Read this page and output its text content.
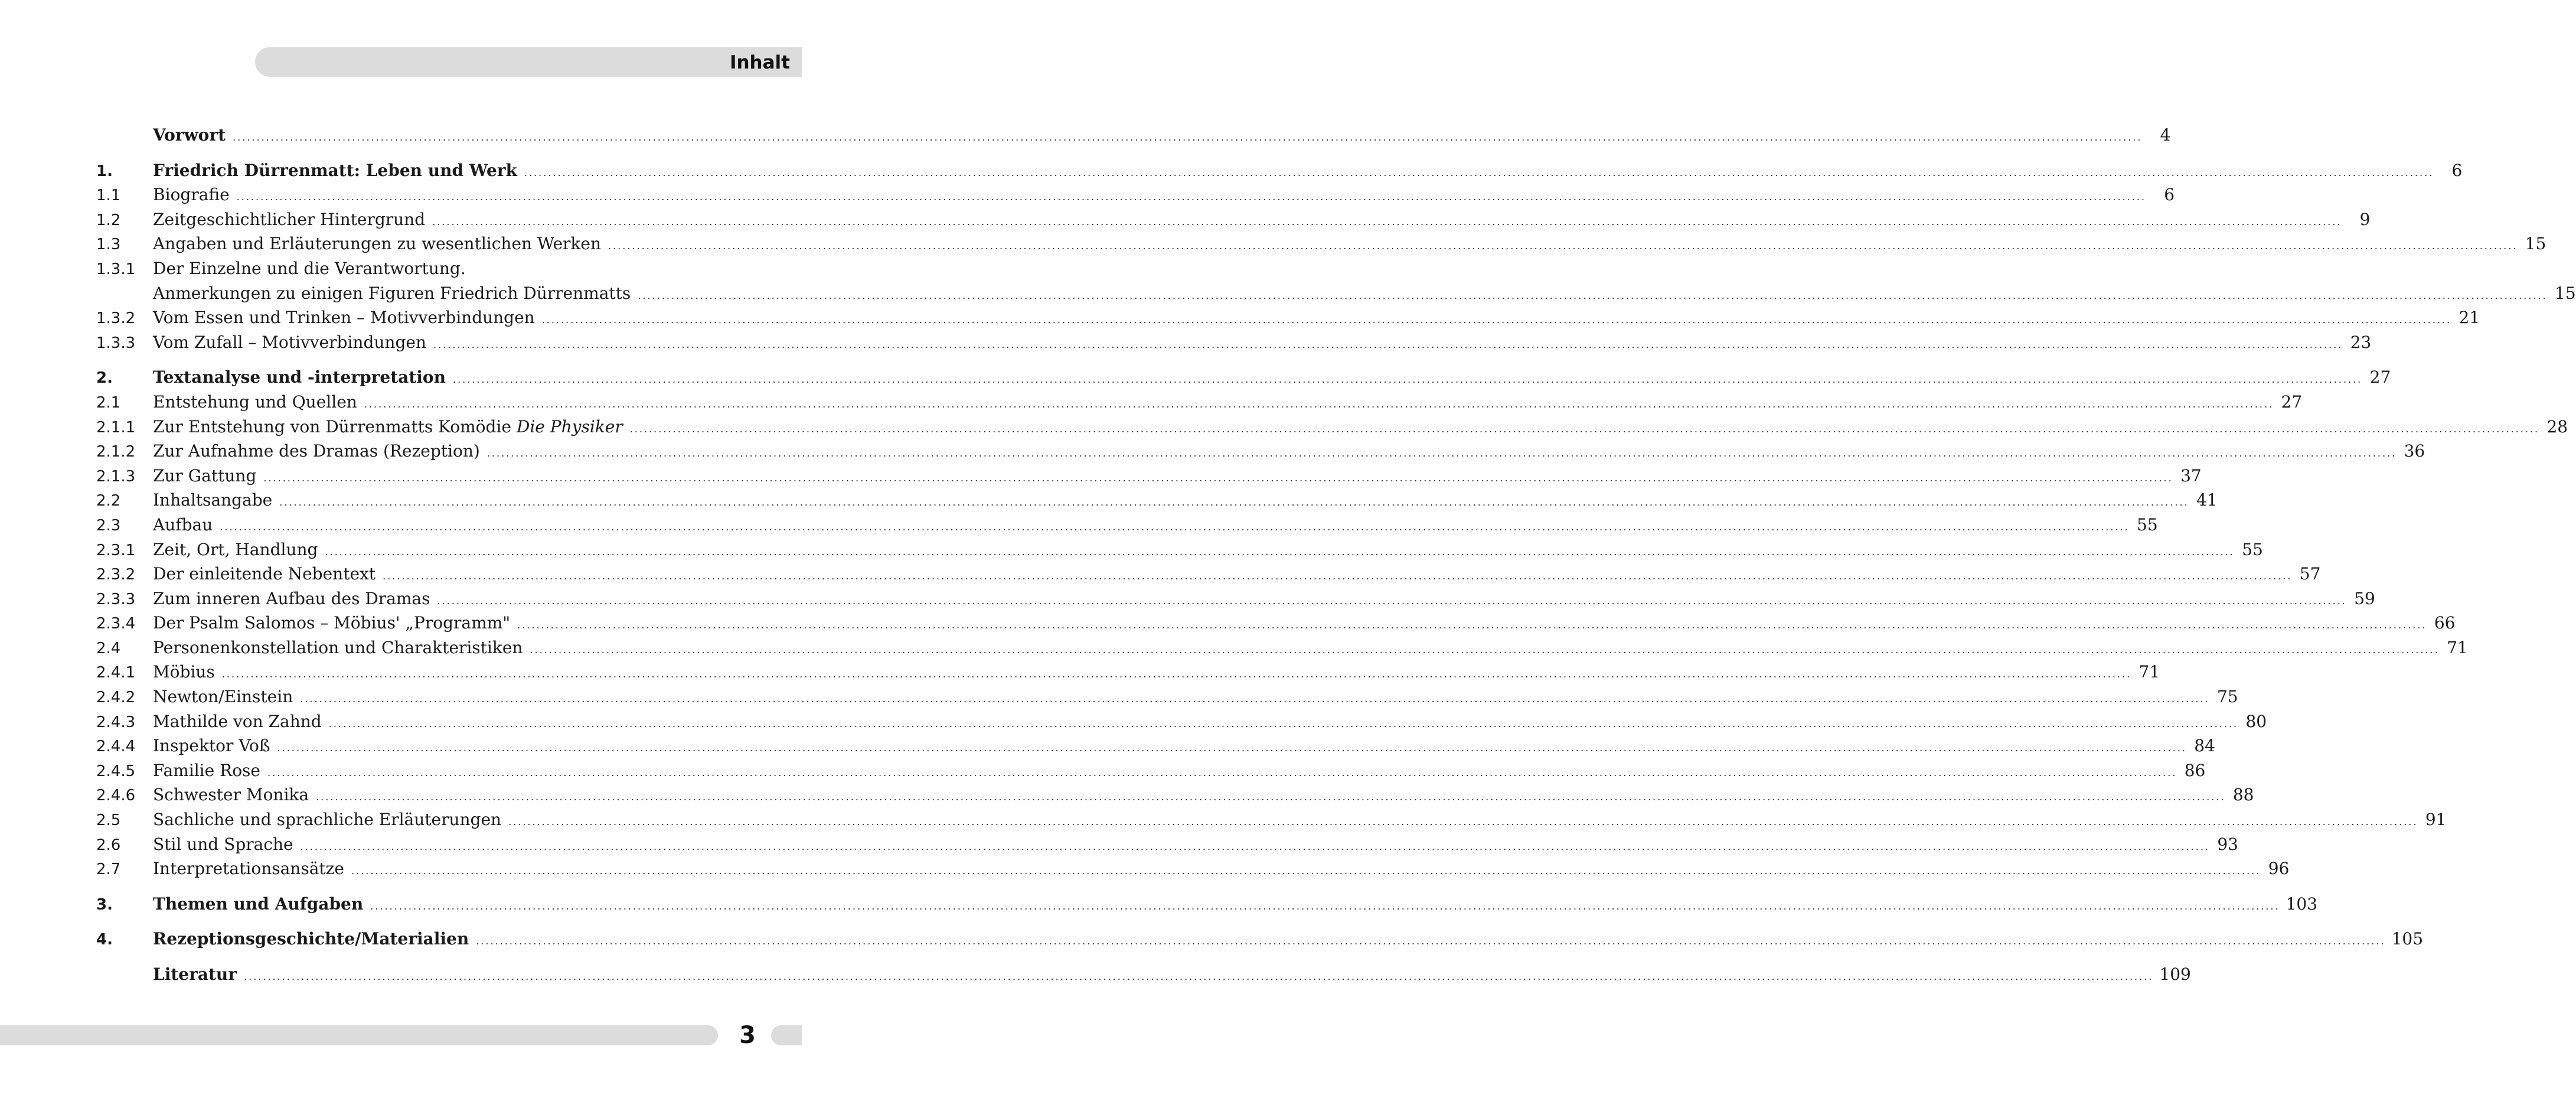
Inhalt
Vorwort ................................................................................................................................................................................................................................................................................................................................................................................................................	4
1.	Friedrich Dürrenmatt: Leben und Werk ................................................................................................................................................................................................................................................................................................................................................................................................................	6
1.1	Biografie ................................................................................................................................................................................................................................................................................................................................................................................................................	6
1.2	Zeitgeschichtlicher Hintergrund ................................................................................................................................................................................................................................................................................................................................................................................................................	9
1.3	Angaben und Erläuterungen zu wesentlichen Werken ................................................................................................................................................................................................................................................................................................................................................................................................................ 15
1.3.1	Der Einzelne und die Verantwortung.
Anmerkungen zu einigen Figuren Friedrich Dürrenmatts ................................................................................................................................................................................................................................................................................................................................................................................................................ 15
1.3.2	Vom Essen und Trinken – Motivverbindungen ................................................................................................................................................................................................................................................................................................................................................................................................................ 21
1.3.3	Vom Zufall – Motivverbindungen ................................................................................................................................................................................................................................................................................................................................................................................................................ 23
2.	Textanalyse und -interpretation ................................................................................................................................................................................................................................................................................................................................................................................................................ 27
2.1	Entstehung und Quellen ................................................................................................................................................................................................................................................................................................................................................................................................................ 27
2.1.1	Zur Entstehung von Dürrenmatts Komödie Die Physiker ................................................................................................................................................................................................................................................................................................................................................................................................................ 28
2.1.2	Zur Aufnahme des Dramas (Rezeption) ................................................................................................................................................................................................................................................................................................................................................................................................................ 36
2.1.3	Zur Gattung ................................................................................................................................................................................................................................................................................................................................................................................................................ 37
2.2	Inhaltsangabe ................................................................................................................................................................................................................................................................................................................................................................................................................ 41
2.3	Aufbau ................................................................................................................................................................................................................................................................................................................................................................................................................ 55
2.3.1	Zeit, Ort, Handlung ................................................................................................................................................................................................................................................................................................................................................................................................................ 55
2.3.2	Der einleitende Nebentext ................................................................................................................................................................................................................................................................................................................................................................................................................ 57
2.3.3	Zum inneren Aufbau des Dramas ................................................................................................................................................................................................................................................................................................................................................................................................................ 59
2.3.4	Der Psalm Salomos – Möbius' „Programm" ................................................................................................................................................................................................................................................................................................................................................................................................................ 66
2.4	Personenkonstellation und Charakteristiken ................................................................................................................................................................................................................................................................................................................................................................................................................ 71
2.4.1	Möbius ................................................................................................................................................................................................................................................................................................................................................................................................................ 71
2.4.2	Newton/Einstein ................................................................................................................................................................................................................................................................................................................................................................................................................ 75
2.4.3	Mathilde von Zahnd ................................................................................................................................................................................................................................................................................................................................................................................................................ 80
2.4.4	Inspektor Voß ................................................................................................................................................................................................................................................................................................................................................................................................................ 84
2.4.5	Familie Rose ................................................................................................................................................................................................................................................................................................................................................................................................................ 86
2.4.6	Schwester Monika ................................................................................................................................................................................................................................................................................................................................................................................................................ 88
2.5	Sachliche und sprachliche Erläuterungen ................................................................................................................................................................................................................................................................................................................................................................................................................ 91
2.6	Stil und Sprache ................................................................................................................................................................................................................................................................................................................................................................................................................ 93
2.7	Interpretationsansätze ................................................................................................................................................................................................................................................................................................................................................................................................................ 96
3.	Themen und Aufgaben ................................................................................................................................................................................................................................................................................................................................................................................................................ 103
4.	Rezeptionsgeschichte/Materialien ................................................................................................................................................................................................................................................................................................................................................................................................................ 105
Literatur ................................................................................................................................................................................................................................................................................................................................................................................................................ 109
3
